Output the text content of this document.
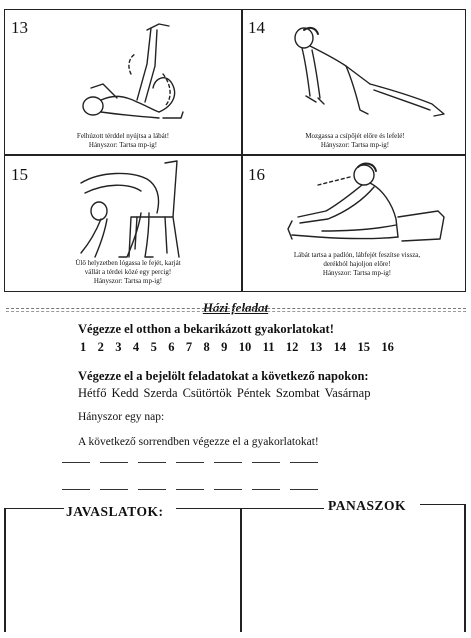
13
Felhúzott térddel nyújtsa a lábát!
Hányszor: Tartsa mp-ig!
14
Mozgassa a csípőjét előre és lefelé!
Hányszor: Tartsa mp-ig!
15
Ülő helyzetben lógassa le fejét, karját
vállát a térdei közé egy percig!
Hányszor: Tartsa mp-ig!
16
Lábát tartsa a padlón, lábfejét feszítse vissza,
derékból hajoljon előre!
Hányszor: Tartsa mp-ig!
Házi feladat
Végezze el otthon a bekarikázott gyakorlatokat!
1 2 3 4 5 6 7 8 9 10 11 12 13 14 15 16
Végezze el a bejelölt feladatokat a következő napokon:
Hétfő Kedd Szerda Csütörtök Péntek Szombat Vasárnap
Hányszor egy nap:
A következő sorrendben végezze el a gyakorlatokat!
JAVASLATOK:	PANASZOK
